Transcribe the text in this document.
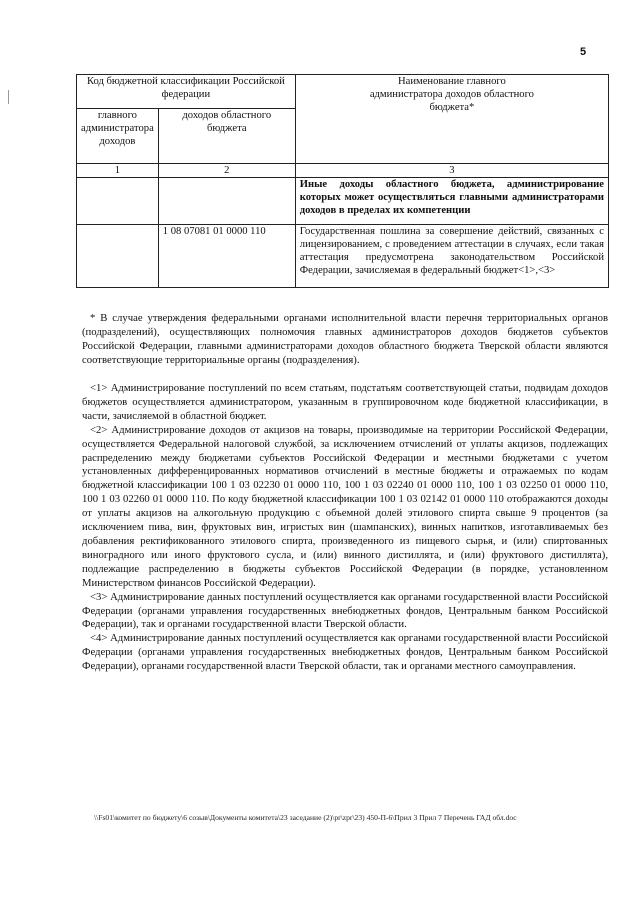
5
Код бюджетной классификации Российской федерации		Наименование главного администратора доходов областного бюджета*
главного администратора доходов	доходов областного бюджета	
1	2	3
		Иные доходы областного бюджета, администрирование которых может осуществляться главными администраторами доходов в пределах их компетенции
	1 08 07081 01 0000 110	Государственная пошлина за совершение действий, связанных с лицензированием, с проведением аттестации в случаях, если такая аттестация предусмотрена законодательством Российской Федерации, зачисляемая в федеральный бюджет<1>,<3>

* В случае утверждения федеральными органами исполнительной власти перечня территориальных органов (подразделений), осуществляющих полномочия главных администраторов доходов бюджетов субъектов Российской Федерации, главными администраторами доходов областного бюджета Тверской области являются соответствующие территориальные органы (подразделения).

<1> Администрирование поступлений по всем статьям, подстатьям соответствующей статьи, подвидам доходов бюджетов осуществляется администратором, указанным в группировочном коде бюджетной классификации, в части, зачисляемой в областной бюджет.

<2> Администрирование доходов от акцизов на товары, производимые на территории Российской Федерации, осуществляется Федеральной налоговой службой, за исключением отчислений от уплаты акцизов, подлежащих распределению между бюджетами субъектов Российской Федерации и местными бюджетами с учетом установленных дифференцированных нормативов отчислений в местные бюджеты и отражаемых по кодам бюджетной классификации 100 1 03 02230 01 0000 110, 100 1 03 02240 01 0000 110, 100 1 03 02250 01 0000 110, 100 1 03 02260 01 0000 110. По коду бюджетной классификации 100 1 03 02142 01 0000 110 отображаются доходы от уплаты акцизов на алкогольную продукцию с объемной долей этилового спирта свыше 9 процентов (за исключением пива, вин, фруктовых вин, игристых вин (шампанских), винных напитков, изготавливаемых без добавления ректификованного этилового спирта, произведенного из пищевого сырья, и (или) спиртованных виноградного или иного фруктового сусла, и (или) винного дистиллята, и (или) фруктового дистиллята), подлежащие распределению в бюджеты субъектов Российской Федерации (в порядке, установленном Министерством финансов Российской Федерации).

<3> Администрирование данных поступлений осуществляется как органами государственной власти Российской Федерации (органами управления государственных внебюджетных фондов, Центральным банком Российской Федерации), так и органами государственной власти Тверской области.

<4> Администрирование данных поступлений осуществляется как органами государственной власти Российской Федерации (органами управления государственных внебюджетных фондов, Центральным банком Российской Федерации), органами государственной власти Тверской области, так и органами местного самоуправления.

\\Fs01\комитет по бюджету\6 созыв\Документы комитета\23 заседание (2)\pr\zpr\23) 450-П-6\Прил 3 Прил 7 Перечень ГАД обл.doc
